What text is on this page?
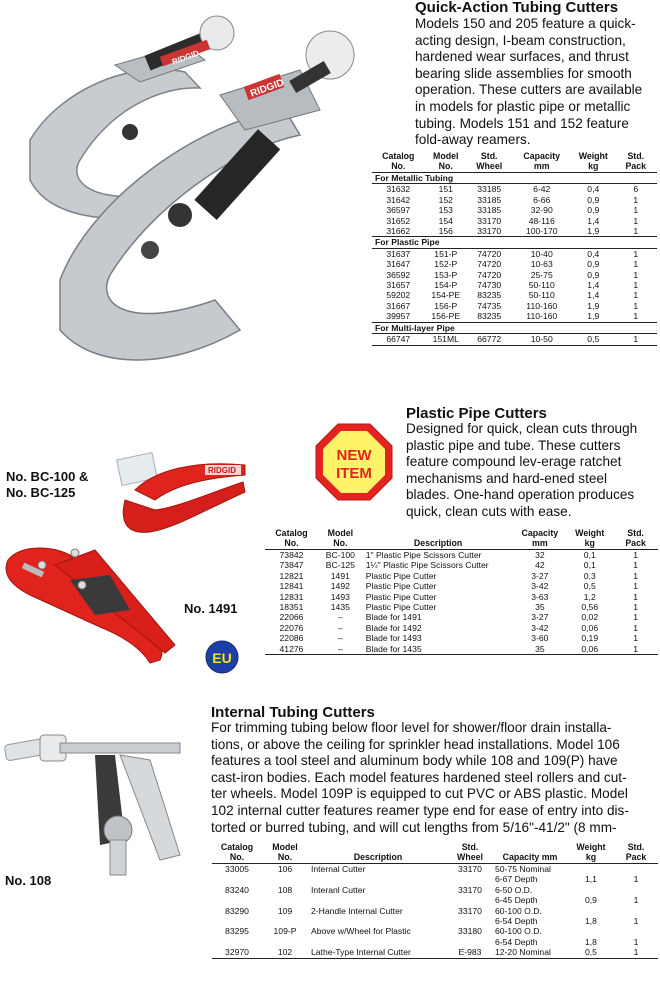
RIDGID
RIDGID
Quick-Action Tubing Cutters
Models 150 and 205 feature a quick-
acting design, I-beam construction,
hardened wear surfaces, and thrust
bearing slide assemblies for smooth
operation. These cutters are available
in models for plastic pipe or metallic
tubing. Models 151 and 152 feature
fold-away reamers.
Catalog No.	Model No.	Std. Wheel	Capacity mm	Weight kg	Std. Pack
For Metallic Tubing					
31632	151	33185	6-42	0,4	6
31642	152	33185	6-66	0,9	1
36597	153	33185	32-90	0,9	1
31652	154	33170	48-116	1,4	1
31662	156	33170	100-170	1,9	1
For Plastic Pipe					
31637	151-P	74720	10-40	0,4	1
31647	152-P	74720	10-63	0,9	1
36592	153-P	74720	25-75	0,9	1
31657	154-P	74730	50-110	1,4	1
59202	154-PE	83235	50-110	1,4	1
31667	156-P	74735	110-160	1,9	1
39957	156-PE	83235	110-160	1,9	1
For Multi-layer Pipe					
66747	151ML	66772	10-50	0,5	1
NEW
ITEM
RIDGID
No. BC-100 &
No. BC-125
Plastic Pipe Cutters
Designed for quick, clean cuts through
plastic pipe and tube. These cutters
feature compound lev-erage ratchet
mechanisms and hard-ened steel
blades. One-hand operation produces
quick, clean cuts with ease.
No. 1491
EU
Catalog No.	Model No.	Description	Capacity mm	Weight kg	Std. Pack
73842	BC-100	1" Plastic Pipe Scissors Cutter	32	0,1	1
73847	BC-125	1¼" Plastic Pipe Scissors Cutter	42	0,1	1
12821	1491	Plastic Pipe Cutter	3-27	0,3	1
12841	1492	Plastic Pipe Cutter	3-42	0,5	1
12831	1493	Plastic Pipe Cutter	3-63	1,2	1
18351	1435	Plastic Pipe Cutter	35	0,56	1
22066	–	Blade for 1491	3-27	0,02	1
22076	–	Blade for 1492	3-42	0,06	1
22086	–	Blade for 1493	3-60	0,19	1
41276	–	Blade for 1435	35	0,06	1
Internal Tubing Cutters
For trimming tubing below floor level for shower/floor drain installa-
tions, or above the ceiling for sprinkler head installations. Model 106
features a tool steel and aluminum body while 108 and 109(P) have
cast-iron bodies. Each model features hardened steel rollers and cut-
ter wheels. Model 109P is equipped to cut PVC or ABS plastic. Model
102 internal cutter features reamer type end for ease of entry into dis-
torted or burred tubing, and will cut lengths from 5/16"-41/2" (8 mm-
No. 108
Catalog No.	Model No.	Description	Std. Wheel	Capacity mm	Weight kg	Std. Pack
33005	106	Internal Cutter	33170	50-75 Nominal		
				6-67 Depth	1,1	1
83240	108	Interanl Cutter	33170	6-50 O.D.		
				6-45 Depth	0,9	1
83290	109	2-Handle Internal Cutter	33170	60-100 O.D.		
				6-54 Depth	1,8	1
83295	109-P	Above w/Wheel for Plastic	33180	60-100 O.D.		
				6-54 Depth	1,8	1
32970	102	Lathe-Type Internal Cutter	E-983	12-20 Nominal	0,5	1
